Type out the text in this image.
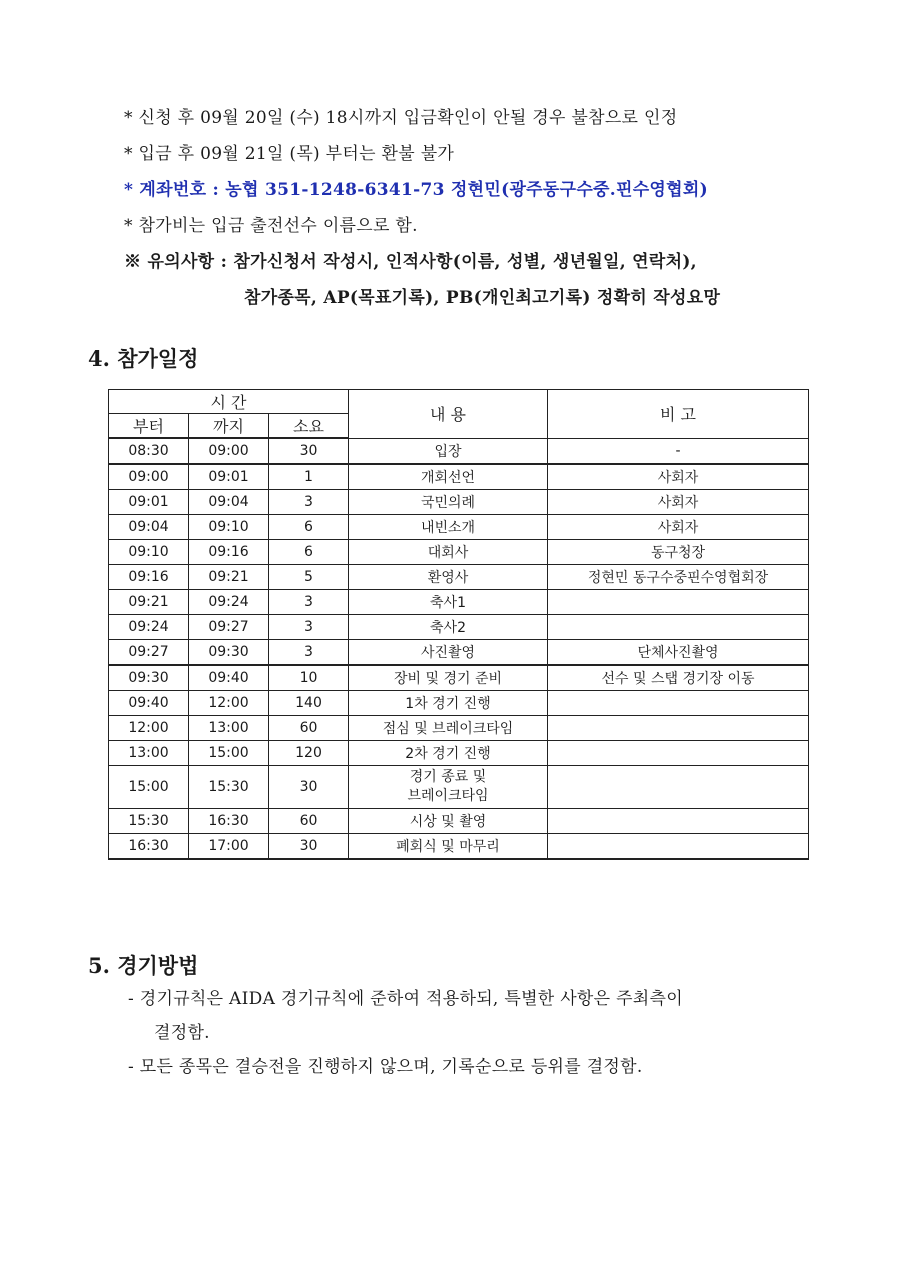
* 신청 후 09월 20일 (수) 18시까지 입금확인이 안될 경우 불참으로 인정
* 입금 후 09월 21일 (목) 부터는 환불 불가
* 계좌번호 : 농협 351-1248-6341-73 정현민(광주동구수중.핀수영협회)
* 참가비는 입금 출전선수 이름으로 함.
※ 유의사항 : 참가신청서 작성시, 인적사항(이름, 성별, 생년월일, 연락처),
참가종목, AP(목표기록), PB(개인최고기록) 정확히 작성요망
4. 참가일정
시 간			내 용	비 고
부터	까지	소요		
08:30	09:00	30	입장	-
09:00	09:01	1	개회선언	사회자
09:01	09:04	3	국민의례	사회자
09:04	09:10	6	내빈소개	사회자
09:10	09:16	6	대회사	동구청장
09:16	09:21	5	환영사	정현민 동구수중핀수영협회장
09:21	09:24	3	축사1	
09:24	09:27	3	축사2	
09:27	09:30	3	사진촬영	단체사진촬영
09:30	09:40	10	장비 및 경기 준비	선수 및 스탭 경기장 이동
09:40	12:00	140	1차 경기 진행	
12:00	13:00	60	점심 및 브레이크타임	
13:00	15:00	120	2차 경기 진행	
15:00	15:30	30	경기 종료 및
브레이크타임	
15:30	16:30	60	시상 및 촬영	
16:30	17:00	30	폐회식 및 마무리	
5. 경기방법
- 경기규칙은 AIDA 경기규칙에 준하여 적용하되, 특별한 사항은 주최측이
결정함.
- 모든 종목은 결승전을 진행하지 않으며, 기록순으로 등위를 결정함.
